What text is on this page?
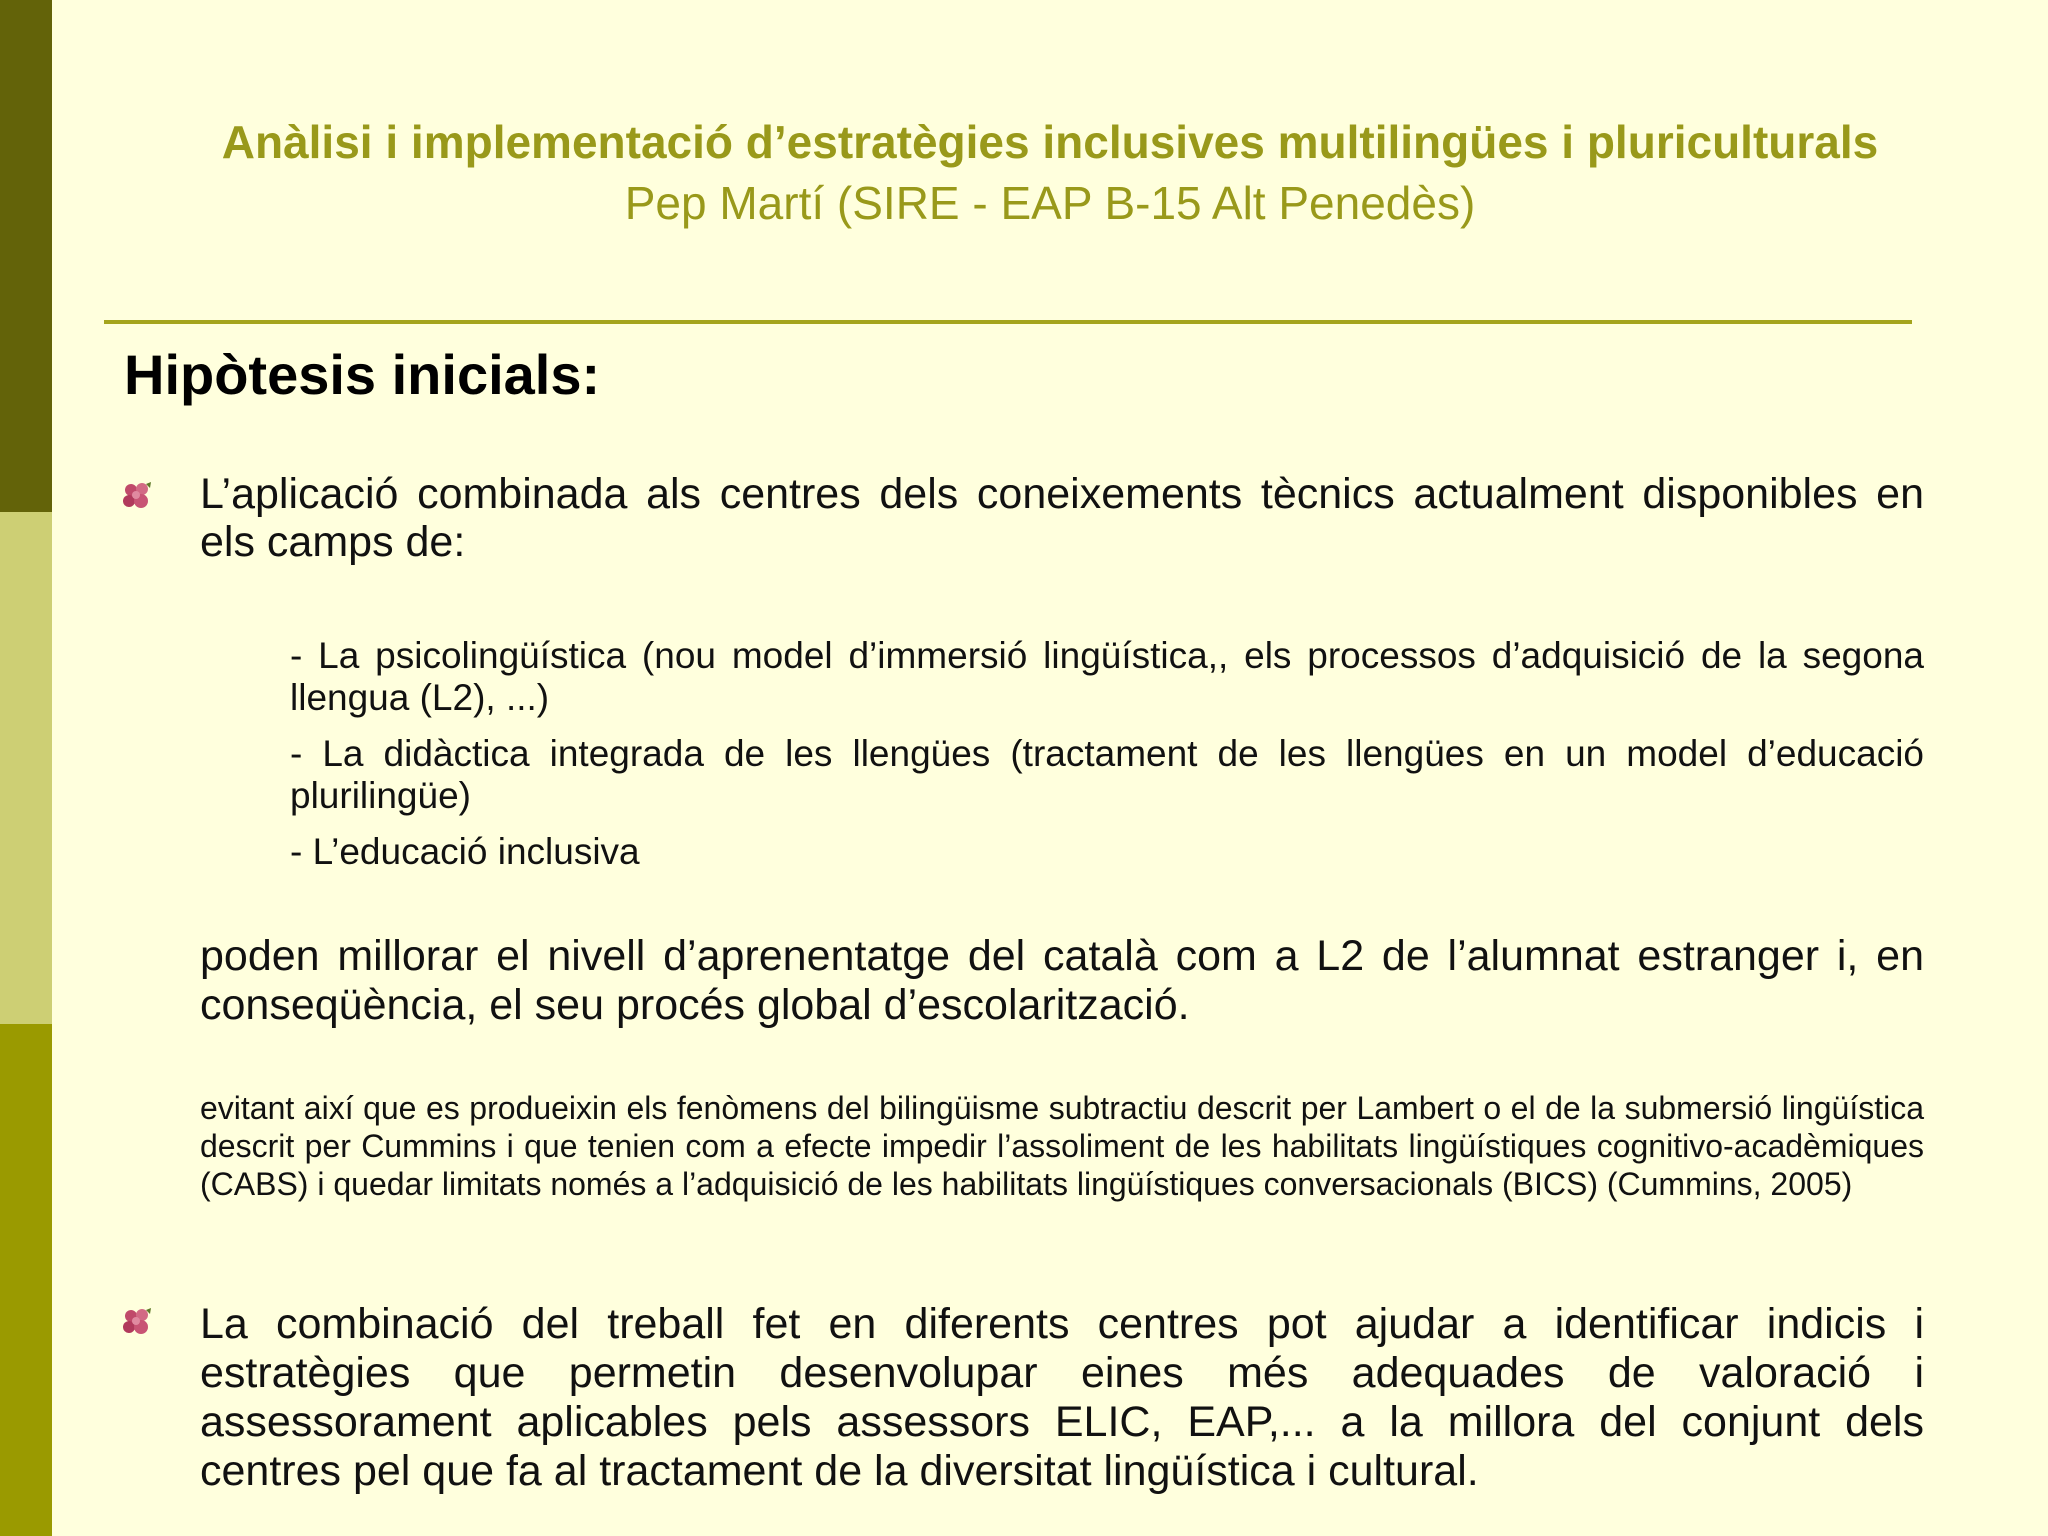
Anàlisi i implementació d’estratègies inclusives multilingües i pluriculturals
Pep Martí (SIRE - EAP B-15 Alt Penedès)
Hipòtesis inicials:
L’aplicació combinada als centres dels coneixements tècnics actualment disponibles en els camps de:
- La psicolingüística (nou model d’immersió lingüística,, els processos d’adquisició de la segona llengua (L2), ...)
- La didàctica integrada de les llengües (tractament de les llengües en un model d’educació plurilingüe)
- L’educació inclusiva
poden millorar el nivell d’aprenentatge del català com a L2 de l’alumnat estranger i, en conseqüència, el seu procés global d’escolarització.
evitant així que es produeixin els fenòmens del bilingüisme subtractiu descrit per Lambert o el de la submersió lingüística descrit per Cummins i que tenien com a efecte impedir l’assoliment de les habilitats lingüístiques cognitivo-acadèmiques (CABS) i quedar limitats només a l’adquisició de les habilitats lingüístiques conversacionals (BICS) (Cummins, 2005)
La combinació del treball fet en diferents centres pot ajudar a identificar indicis i estratègies que permetin desenvolupar eines més adequades de valoració i assessorament aplicables pels assessors ELIC, EAP,... a la millora del conjunt dels centres pel que fa al tractament de la diversitat lingüística i cultural.
